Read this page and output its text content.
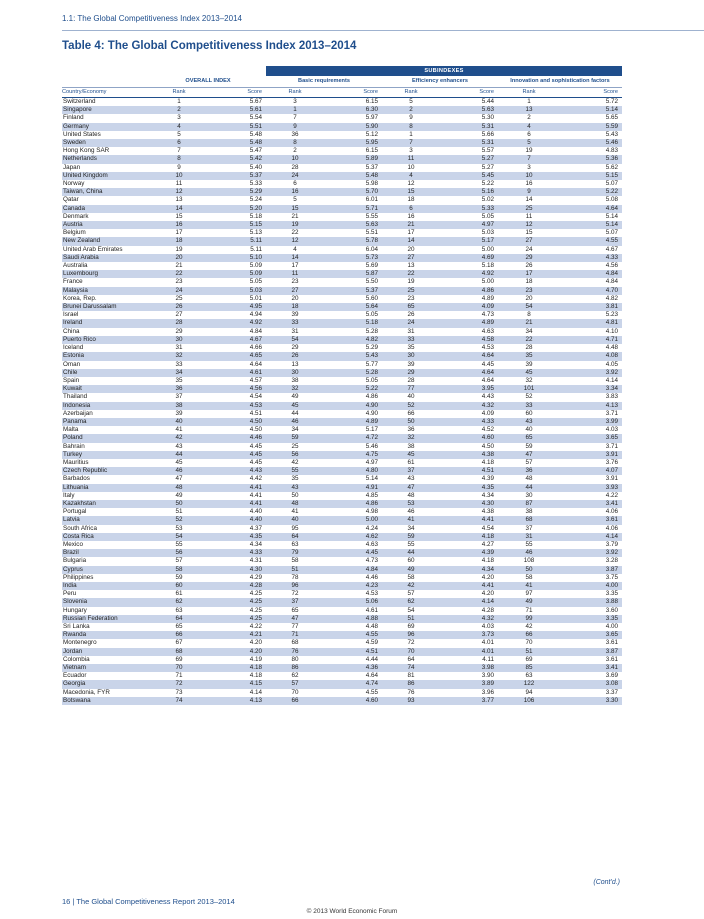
1.1: The Global Competitiveness Index 2013–2014
Table 4: The Global Competitiveness Index 2013–2014
			SUBINDEXES					
	OVERALL INDEX		Basic requirements		Efficiency enhancers		Innovation and sophistication factors	
Country/Economy	Rank	Score	Rank	Score	Rank	Score	Rank	Score
Switzerland	1	5.67	3	6.15	5	5.44	1	5.72
Singapore	2	5.61	1	6.30	2	5.63	13	5.14
Finland	3	5.54	7	5.97	9	5.30	2	5.65
Germany	4	5.51	9	5.90	8	5.31	4	5.59
United States	5	5.48	36	5.12	1	5.66	6	5.43
Sweden	6	5.48	8	5.95	7	5.31	5	5.46
Hong Kong SAR	7	5.47	2	6.15	3	5.57	19	4.83
Netherlands	8	5.42	10	5.89	11	5.27	7	5.36
Japan	9	5.40	28	5.37	10	5.27	3	5.62
United Kingdom	10	5.37	24	5.48	4	5.45	10	5.15
Norway	11	5.33	6	5.98	12	5.22	16	5.07
Taiwan, China	12	5.29	16	5.70	15	5.16	9	5.22
Qatar	13	5.24	5	6.01	18	5.02	14	5.08
Canada	14	5.20	15	5.71	6	5.33	25	4.64
Denmark	15	5.18	21	5.55	16	5.05	11	5.14
Austria	16	5.15	19	5.63	21	4.97	12	5.14
Belgium	17	5.13	22	5.51	17	5.03	15	5.07
New Zealand	18	5.11	12	5.78	14	5.17	27	4.55
United Arab Emirates	19	5.11	4	6.04	20	5.00	24	4.67
Saudi Arabia	20	5.10	14	5.73	27	4.69	29	4.33
Australia	21	5.09	17	5.69	13	5.18	26	4.56
Luxembourg	22	5.09	11	5.87	22	4.92	17	4.84
France	23	5.05	23	5.50	19	5.00	18	4.84
Malaysia	24	5.03	27	5.37	25	4.86	23	4.70
Korea, Rep.	25	5.01	20	5.60	23	4.89	20	4.82
Brunei Darussalam	26	4.95	18	5.64	65	4.09	54	3.81
Israel	27	4.94	39	5.05	26	4.73	8	5.23
Ireland	28	4.92	33	5.18	24	4.89	21	4.81
China	29	4.84	31	5.28	31	4.63	34	4.10
Puerto Rico	30	4.67	54	4.82	33	4.58	22	4.71
Iceland	31	4.66	29	5.29	35	4.53	28	4.48
Estonia	32	4.65	26	5.43	30	4.64	35	4.08
Oman	33	4.64	13	5.77	39	4.45	39	4.05
Chile	34	4.61	30	5.28	29	4.64	45	3.92
Spain	35	4.57	38	5.05	28	4.64	32	4.14
Kuwait	36	4.56	32	5.22	77	3.95	101	3.34
Thailand	37	4.54	49	4.86	40	4.43	52	3.83
Indonesia	38	4.53	45	4.90	52	4.32	33	4.13
Azerbaijan	39	4.51	44	4.90	66	4.09	60	3.71
Panama	40	4.50	46	4.89	50	4.33	43	3.99
Malta	41	4.50	34	5.17	36	4.52	40	4.03
Poland	42	4.46	59	4.72	32	4.60	65	3.65
Bahrain	43	4.45	25	5.46	38	4.50	59	3.71
Turkey	44	4.45	56	4.75	45	4.38	47	3.91
Mauritius	45	4.45	42	4.97	61	4.18	57	3.76
Czech Republic	46	4.43	55	4.80	37	4.51	36	4.07
Barbados	47	4.42	35	5.14	43	4.39	48	3.91
Lithuania	48	4.41	43	4.91	47	4.35	44	3.93
Italy	49	4.41	50	4.85	48	4.34	30	4.22
Kazakhstan	50	4.41	48	4.86	53	4.30	87	3.41
Portugal	51	4.40	41	4.98	46	4.38	38	4.06
Latvia	52	4.40	40	5.00	41	4.41	68	3.61
South Africa	53	4.37	95	4.24	34	4.54	37	4.06
Costa Rica	54	4.35	64	4.62	59	4.18	31	4.14
Mexico	55	4.34	63	4.63	55	4.27	55	3.79
Brazil	56	4.33	79	4.45	44	4.39	46	3.92
Bulgaria	57	4.31	58	4.73	60	4.18	108	3.28
Cyprus	58	4.30	51	4.84	49	4.34	50	3.87
Philippines	59	4.29	78	4.46	58	4.20	58	3.75
India	60	4.28	96	4.23	42	4.41	41	4.00
Peru	61	4.25	72	4.53	57	4.20	97	3.35
Slovenia	62	4.25	37	5.06	62	4.14	49	3.88
Hungary	63	4.25	65	4.61	54	4.28	71	3.60
Russian Federation	64	4.25	47	4.88	51	4.32	99	3.35
Sri Lanka	65	4.22	77	4.48	69	4.03	42	4.00
Rwanda	66	4.21	71	4.55	96	3.73	66	3.65
Montenegro	67	4.20	68	4.59	72	4.01	70	3.61
Jordan	68	4.20	76	4.51	70	4.01	51	3.87
Colombia	69	4.19	80	4.44	64	4.11	69	3.61
Vietnam	70	4.18	86	4.36	74	3.98	85	3.41
Ecuador	71	4.18	62	4.64	81	3.90	63	3.69
Georgia	72	4.15	57	4.74	86	3.89	122	3.08
Macedonia, FYR	73	4.14	70	4.55	76	3.96	94	3.37
Botswana	74	4.13	66	4.60	93	3.77	106	3.30
(Cont'd.)
16 | The Global Competitiveness Report 2013–2014
© 2013 World Economic Forum
